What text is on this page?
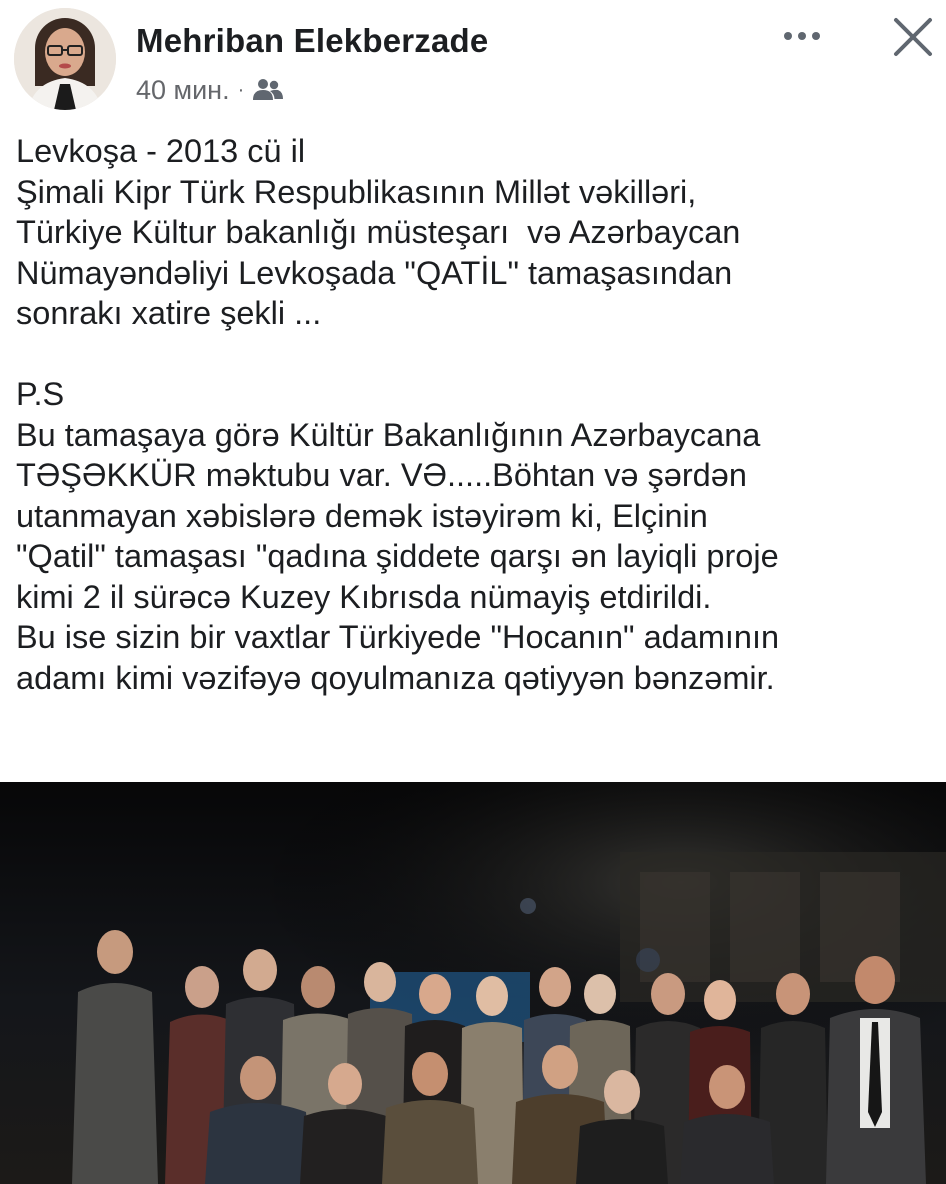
Mehriban Elekberzade
40 мин. ·
Levkoşa - 2013 cü il
Şimali Kipr Türk Respublikasının Millət vəkilləri,
Türkiye Kültur bakanlığı müsteşarı  və Azərbaycan
Nümayəndəliyi Levkoşada "QATİL" tamaşasından
sonrakı xatire şekli ...
P.S
Bu tamaşaya görə Kültür Bakanlığının Azərbaycana
TƏŞƏKKÜR məktubu var. VƏ.....Böhtan və şərdən
utanmayan xəbislərə demək istəyirəm ki, Elçinin
"Qatil" tamaşası "qadına şiddete qarşı ən layiqli proje
kimi 2 il sürəcə Kuzey Kıbrısda nümayiş etdirildi.
Bu ise sizin bir vaxtlar Türkiyede "Hocanın" adamının
adamı kimi vəzifəyə qoyulmanıza qətiyyən bənzəmir.
